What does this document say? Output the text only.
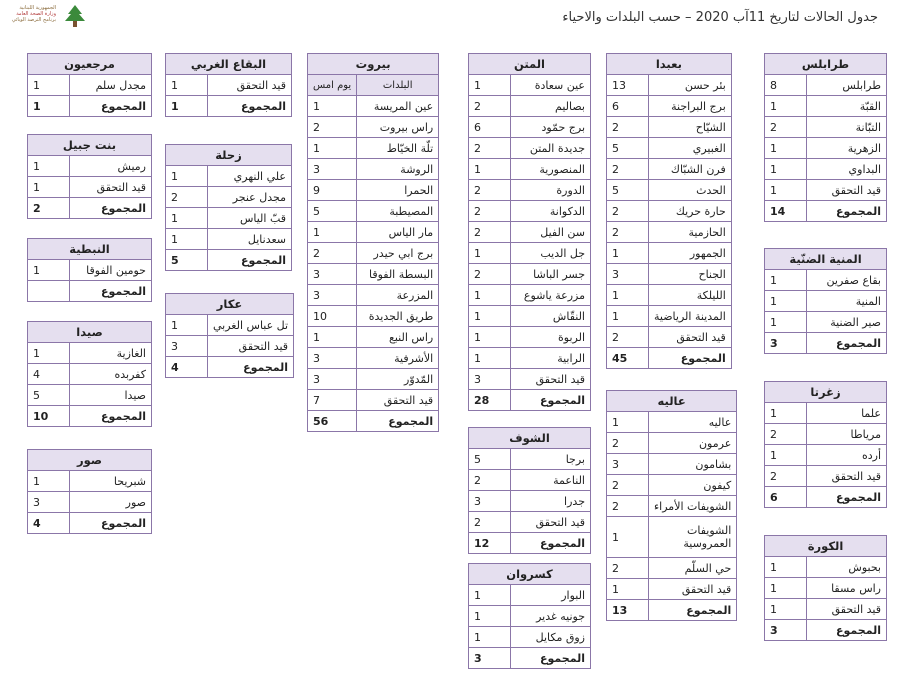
جدول الحالات لتاريخ 11آب 2020 – حسب البلدات والاحياء
الجمهورية اللبنانية
وزارة الصحة العامة
برنامج الترصد الوبائي
طرابلس	
8	طرابلس
1	القبّة
2	التبّانة
1	الزهرية
1	البداوي
1	قيد التحقق
14	المجموع
المنية الضنّية	
1	بقاع صفرين
1	المنية
1	صير الضنية
3	المجموع
زغرتا	
1	علما
2	مرياطا
1	أرده
2	قيد التحقق
6	المجموع
الكورة	
1	بحبوش
1	راس مسقا
1	قيد التحقق
3	المجموع
بعبدا	
13	بئر حسن
6	برج البراجنة
2	الشيّاح
5	الغبيري
2	فرن الشبّاك
5	الحدث
2	حارة حريك
2	الحازمية
1	الجمهور
3	الجناح
1	الليلكة
1	المدينة الرياضية
2	قيد التحقق
45	المجموع
عاليه	
1	عاليه
2	عرمون
3	بشامون
2	كيفون
2	الشويفات الأمراء
1	الشويفات العمروسية
2	حي السلّم
1	قيد التحقق
13	المجموع
المتن	
1	عين سعادة
2	بصاليم
6	برج حمّود
2	جديدة المتن
1	المنصورية
2	الدورة
2	الدكوانة
2	سن الفيل
1	جل الديب
2	جسر الباشا
1	مزرعة ياشوع
1	النقّاش
1	الربوة
1	الرابية
3	قيد التحقق
28	المجموع
الشوف	
5	برجا
2	الناعمة
3	جدرا
2	قيد التحقق
12	المجموع
كسروان	
1	البوار
1	جونيه غدير
1	زوق مكايل
3	المجموع
بيروت	
يوم امس	البلدات
1	عين المريسة
2	راس بيروت
1	تلّة الخيّاط
3	الروشة
9	الحمرا
5	المصيطبة
1	مار الياس
2	برج ابي حيدر
3	البسطة الفوقا
3	المزرعة
10	طريق الجديدة
1	راس النبع
3	الأشرفية
3	المّدوّر
7	قيد التحقق
56	المجموع
البقاع الغربي	
1	قيد التحقق
1	المجموع
زحلة	
1	علي النهري
2	مجدل عنجر
1	قبّ الياس
1	سعدنايل
5	المجموع
عكار	
1	تل عباس الغربي
3	قيد التحقق
4	المجموع
مرجعيون	
1	مجدل سلم
1	المجموع
بنت جبيل	
1	رميش
1	قيد التحقق
2	المجموع
النبطية	
1	حومين الفوقا
	المجموع
صيدا	
1	الغازية
4	كفربده
5	صيدا
10	المجموع
صور	
1	شبريحا
3	صور
4	المجموع
